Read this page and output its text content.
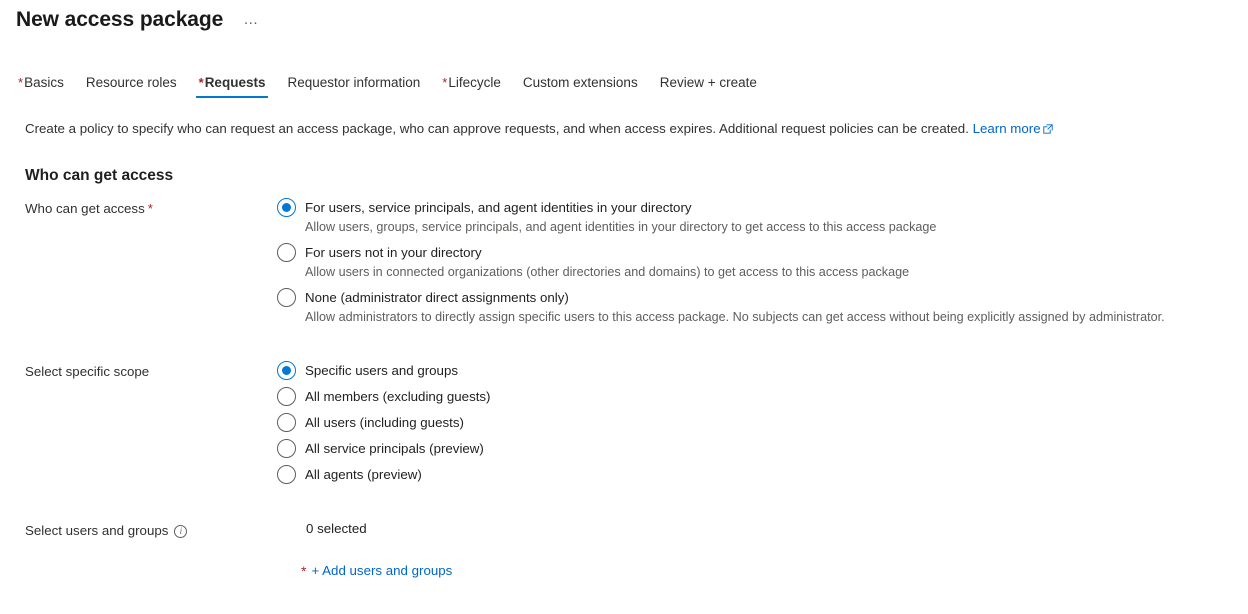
New access package …
*Basics	Resource roles	*Requests	Requestor information	*Lifecycle	Custom extensions	Review + create
Create a policy to specify who can request an access package, who can approve requests, and when access expires. Additional request policies can be created. Learn more
Who can get access
Who can get access *	For users, service principals, and agent identities in your directory
Allow users, groups, service principals, and agent identities in your directory to get access to this access package
For users not in your directory
Allow users in connected organizations (other directories and domains) to get access to this access package
None (administrator direct assignments only)
Allow administrators to directly assign specific users to this access package. No subjects can get access without being explicitly assigned by administrator.
Select specific scope	Specific users and groups
All members (excluding guests)
All users (including guests)
All service principals (preview)
All agents (preview)
Select users and groups i	0 selected
* + Add users and groups
